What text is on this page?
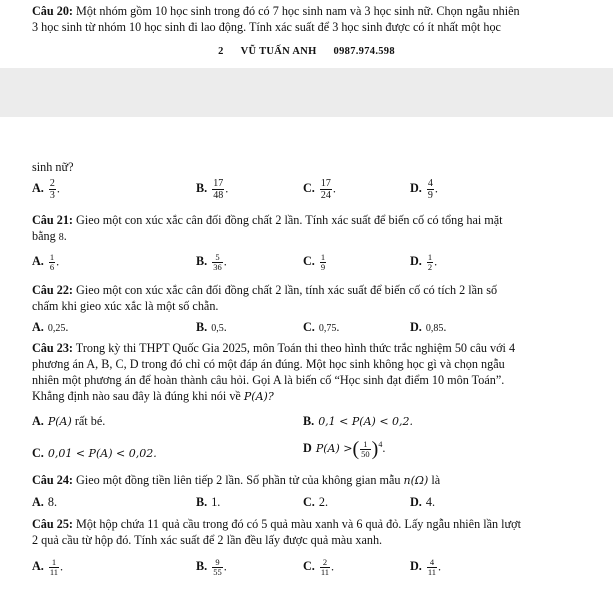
Câu 20: Một nhóm gồm 10 học sinh trong đó có 7 học sinh nam và 3 học sinh nữ. Chọn ngẫu nhiên
3 học sinh từ nhóm 10 học sinh đi lao động. Tính xác suất để 3 học sinh được có ít nhất một học
2 VŨ TUẤN ANH 0987.974.598
sinh nữ?
A. $\frac{2}{3}$ .	B. $\frac{17}{48}$ .	C. $\frac{17}{24}$ .	D. $\frac{4}{9}$ .
Câu 21: Gieo một con xúc xắc cân đối đồng chất 2 lần. Tính xác suất để biến cố có tổng hai mặt
bằng 8.
A. $\frac{1}{6}$ .	B. $\frac{5}{36}$ .	C. $\frac{1}{9}$	D. $\frac{1}{2}$ .
Câu 22: Gieo một con xúc xắc cân đối đồng chất 2 lần, tính xác suất để biến cố có tích 2 lần số
chấm khi gieo xúc xắc là một số chẵn.
A. 0,25.	B. 0,5.	C. 0,75.	D. 0,85.
Câu 23: Trong kỳ thi THPT Quốc Gia 2025, môn Toán thi theo hình thức trắc nghiệm 50 câu với 4
phương án A, B, C, D trong đó chỉ có một đáp án đúng. Một học sinh không học gì và chọn ngẫu
nhiên một phương án để hoàn thành câu hỏi. Gọi A là biến cố “Học sinh đạt điểm 10 môn Toán”.
Khẳng định nào sau đây là đúng khi nói về P(A)?
A. P(A) rất bé.	B. 0,1 < P(A) < 0,2.
C. 0,01 < P(A) < 0,02.	D P(A) >( $\frac{1}{50} )^4$.
Câu 24: Gieo một đồng tiền liên tiếp 2 lần. Số phần tử của không gian mẫu n(Ω) là
A. 8.	B. 1.	C. 2.	D. 4.
Câu 25: Một hộp chứa 11 quả cầu trong đó có 5 quả màu xanh và 6 quả đỏ. Lấy ngẫu nhiên lần lượt
2 quả cầu từ hộp đó. Tính xác suất để 2 lần đều lấy được quả màu xanh.
A. $\frac{1}{11}$ .	B. $\frac{9}{55}$ .	C. $\frac{2}{11}$ .	D. $\frac{4}{11}$ .
